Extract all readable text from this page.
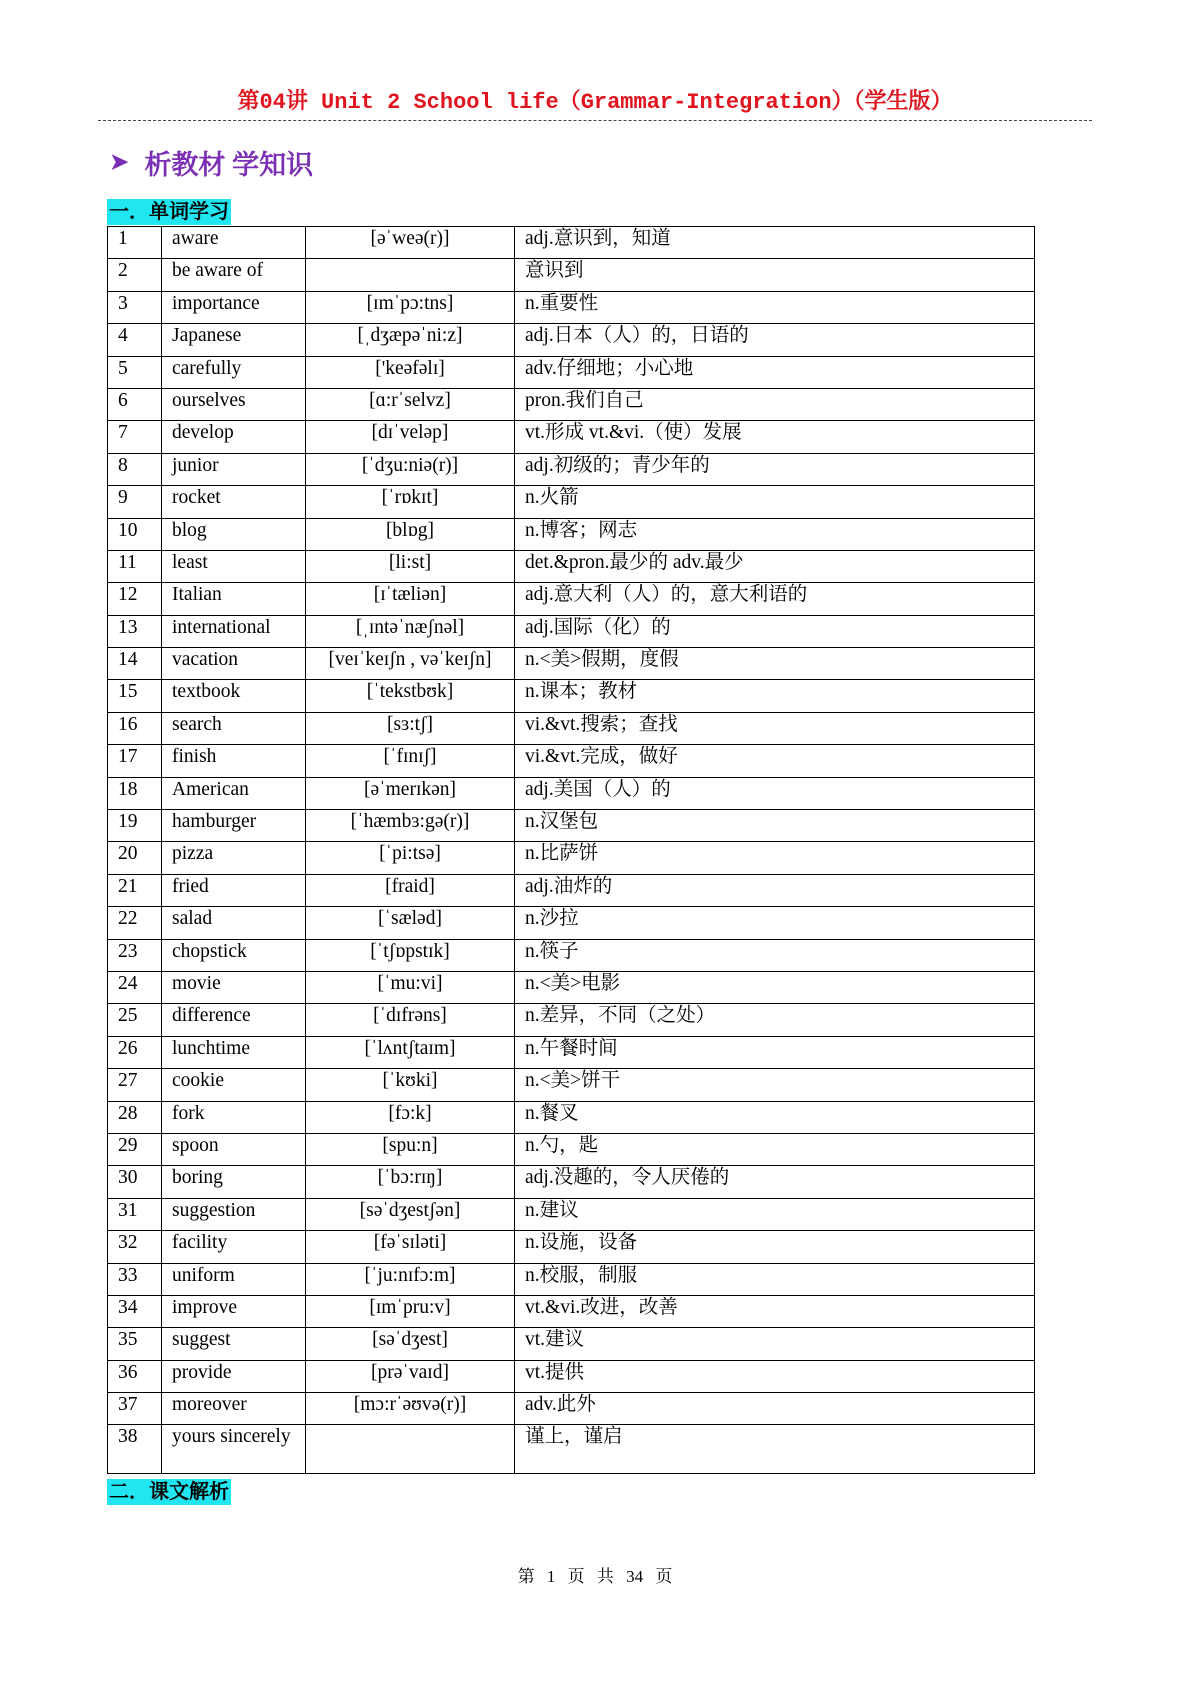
第04讲 Unit 2 School life（Grammar-Integration）（学生版）
➤ 析教材 学知识
一．单词学习
1	aware	[əˈweə(r)]	adj.意识到，知道
2	be aware of		意识到
3	importance	[ɪmˈpɔ:tns]	n.重要性
4	Japanese	[ˌdʒæpəˈni:z]	adj.日本（人）的，日语的
5	carefully	['keəfəlɪ]	adv.仔细地；小心地
6	ourselves	[ɑ:rˈselvz]	pron.我们自己
7	develop	[dɪˈveləp]	vt.形成 vt.&vi.（使）发展
8	junior	[ˈdʒu:niə(r)]	adj.初级的；青少年的
9	rocket	[ˈrɒkɪt]	n.火箭
10	blog	[blɒg]	n.博客；网志
11	least	[li:st]	det.&pron.最少的 adv.最少
12	Italian	[ɪˈtæliən]	adj.意大利（人）的，意大利语的
13	international	[ˌɪntəˈnæʃnəl]	adj.国际（化）的
14	vacation	[veɪˈkeɪʃn , vəˈkeɪʃn]	n.<美>假期，度假
15	textbook	[ˈtekstbʊk]	n.课本；教材
16	search	[sɜ:tʃ]	vi.&vt.搜索；查找
17	finish	[ˈfɪnɪʃ]	vi.&vt.完成，做好
18	American	[əˈmerɪkən]	adj.美国（人）的
19	hamburger	[ˈhæmbɜ:gə(r)]	n.汉堡包
20	pizza	[ˈpi:tsə]	n.比萨饼
21	fried	[fraid]	adj.油炸的
22	salad	[ˈsæləd]	n.沙拉
23	chopstick	[ˈtʃɒpstɪk]	n.筷子
24	movie	[ˈmu:vi]	n.<美>电影
25	difference	[ˈdɪfrəns]	n.差异，不同（之处）
26	lunchtime	[ˈlʌntʃtaɪm]	n.午餐时间
27	cookie	[ˈkʊki]	n.<美>饼干
28	fork	[fɔ:k]	n.餐叉
29	spoon	[spu:n]	n.勺，匙
30	boring	[ˈbɔ:rɪŋ]	adj.没趣的，令人厌倦的
31	suggestion	[səˈdʒestʃən]	n.建议
32	facility	[fəˈsɪləti]	n.设施，设备
33	uniform	[ˈju:nɪfɔ:m]	n.校服，制服
34	improve	[ɪmˈpru:v]	vt.&vi.改进，改善
35	suggest	[səˈdʒest]	vt.建议
36	provide	[prəˈvaɪd]	vt.提供
37	moreover	[mɔ:rˈəʊvə(r)]	adv.此外
38	yours sincerely		谨上，谨启
二．课文解析
第 1 页 共 34 页
